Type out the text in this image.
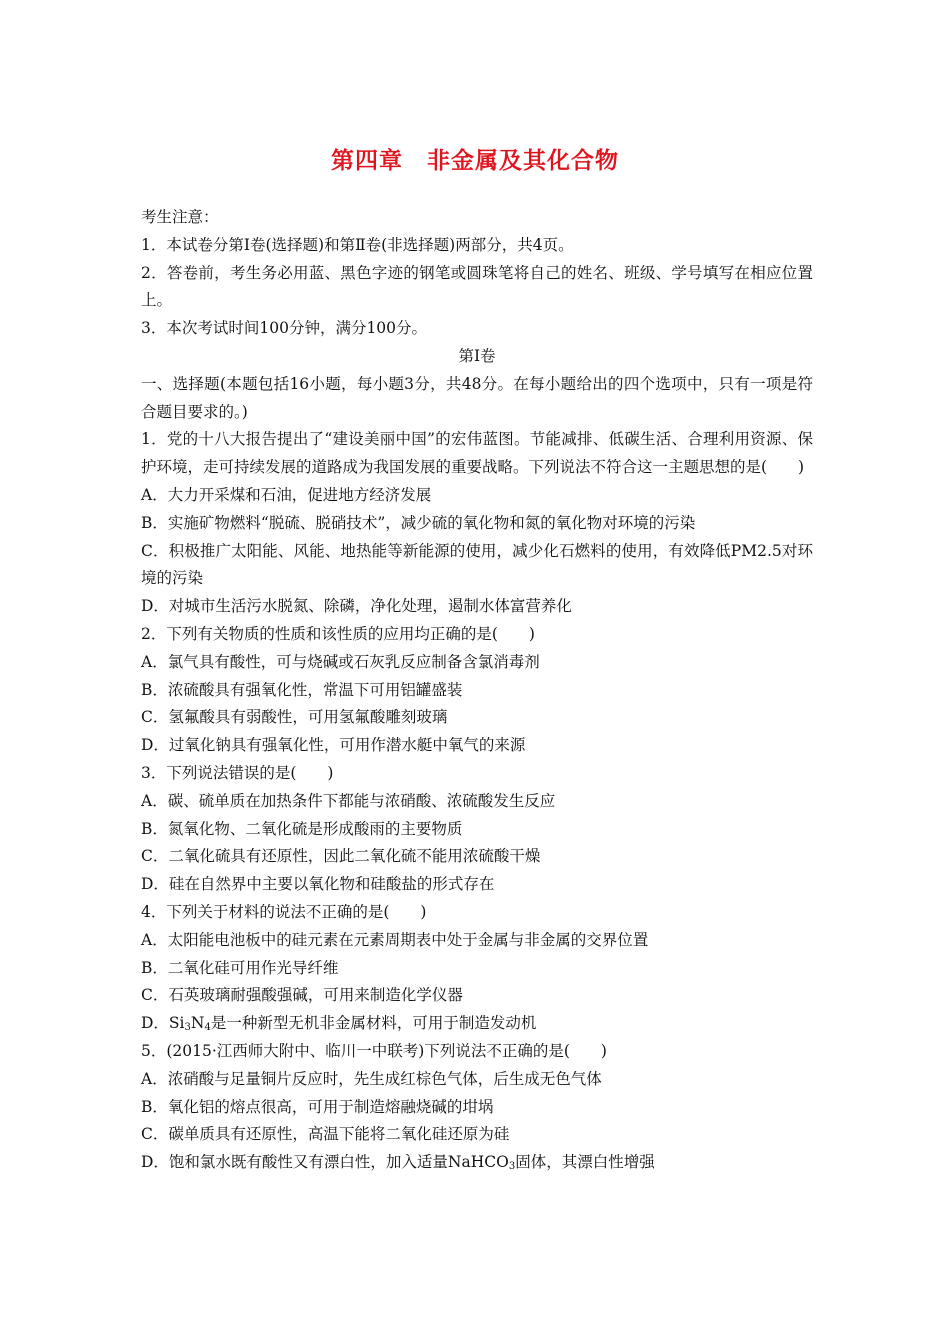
第四章　非金属及其化合物
考生注意：
1．本试卷分第Ⅰ卷(选择题)和第Ⅱ卷(非选择题)两部分，共4页。
2．答卷前，考生务必用蓝、黑色字迹的钢笔或圆珠笔将自己的姓名、班级、学号填写在相应位置上。
3．本次考试时间100分钟，满分100分。
第Ⅰ卷
一、选择题(本题包括16小题，每小题3分，共48分。在每小题给出的四个选项中，只有一项是符合题目要求的。)
1．党的十八大报告提出了“建设美丽中国”的宏伟蓝图。节能减排、低碳生活、合理利用资源、保护环境，走可持续发展的道路成为我国发展的重要战略。下列说法不符合这一主题思想的是(　　)
A．大力开采煤和石油，促进地方经济发展
B．实施矿物燃料“脱硫、脱硝技术”，减少硫的氧化物和氮的氧化物对环境的污染
C．积极推广太阳能、风能、地热能等新能源的使用，减少化石燃料的使用，有效降低PM2.5对环境的污染
D．对城市生活污水脱氮、除磷，净化处理，遏制水体富营养化
2．下列有关物质的性质和该性质的应用均正确的是(　　)
A．氯气具有酸性，可与烧碱或石灰乳反应制备含氯消毒剂
B．浓硫酸具有强氧化性，常温下可用铝罐盛装
C．氢氟酸具有弱酸性，可用氢氟酸雕刻玻璃
D．过氧化钠具有强氧化性，可用作潜水艇中氧气的来源
3．下列说法错误的是(　　)
A．碳、硫单质在加热条件下都能与浓硝酸、浓硫酸发生反应
B．氮氧化物、二氧化硫是形成酸雨的主要物质
C．二氧化硫具有还原性，因此二氧化硫不能用浓硫酸干燥
D．硅在自然界中主要以氧化物和硅酸盐的形式存在
4．下列关于材料的说法不正确的是(　　)
A．太阳能电池板中的硅元素在元素周期表中处于金属与非金属的交界位置
B．二氧化硅可用作光导纤维
C．石英玻璃耐强酸强碱，可用来制造化学仪器
D．$Si_3N_4$是一种新型无机非金属材料，可用于制造发动机
5．(2015·江西师大附中、临川一中联考)下列说法不正确的是(　　)
A．浓硝酸与足量铜片反应时，先生成红棕色气体，后生成无色气体
B．氧化铝的熔点很高，可用于制造熔融烧碱的坩埚
C．碳单质具有还原性，高温下能将二氧化硅还原为硅
D．饱和氯水既有酸性又有漂白性，加入适量NaHCO$_3$固体，其漂白性增强
